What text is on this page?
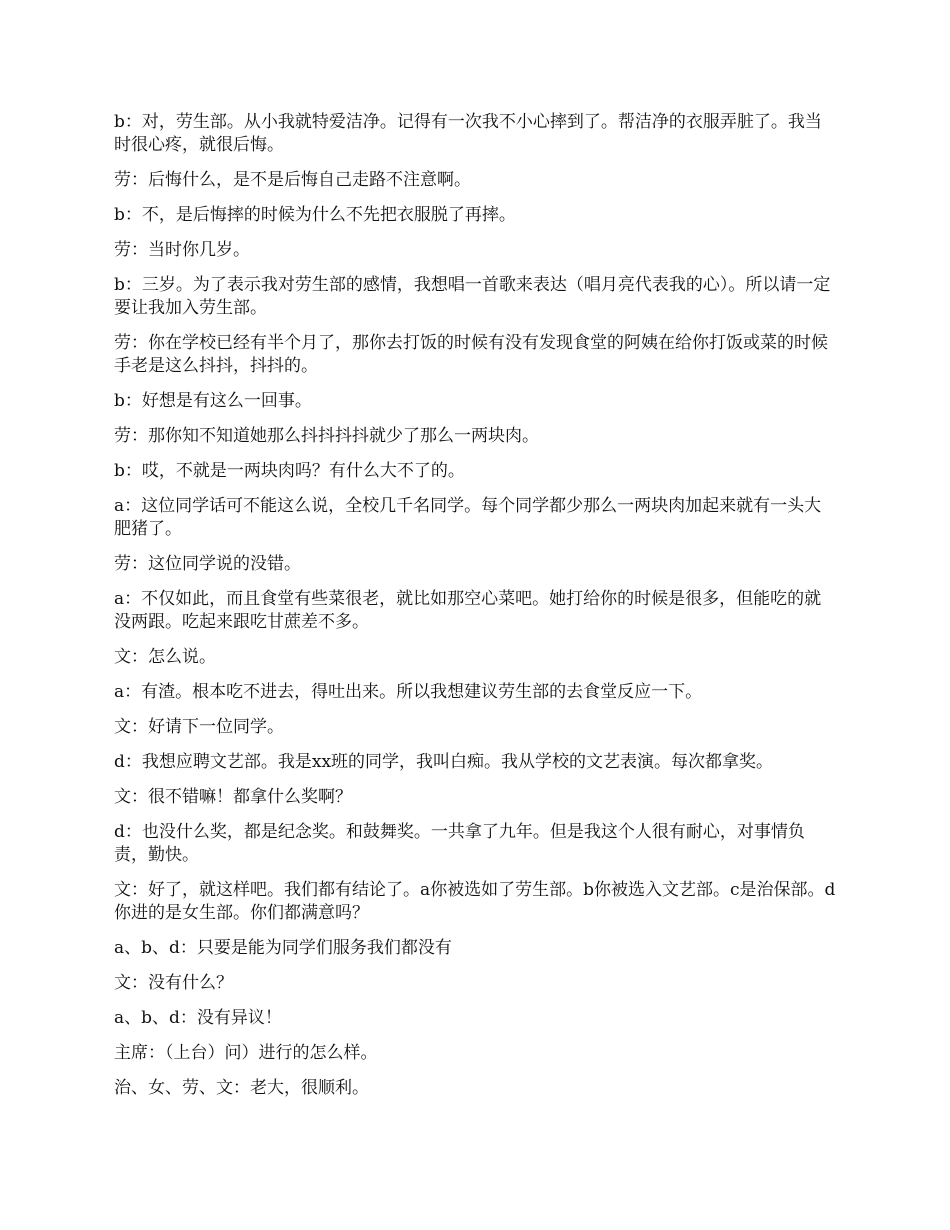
b：对，劳生部。从小我就特爱洁净。记得有一次我不小心摔到了。帮洁净的衣服弄脏了。我当时很心疼，就很后悔。

劳：后悔什么，是不是后悔自己走路不注意啊。

b：不，是后悔摔的时候为什么不先把衣服脱了再摔。

劳：当时你几岁。

b：三岁。为了表示我对劳生部的感情，我想唱一首歌来表达（唱月亮代表我的心）。所以请一定要让我加入劳生部。

劳：你在学校已经有半个月了，那你去打饭的时候有没有发现食堂的阿姨在给你打饭或菜的时候手老是这么抖抖，抖抖的。

b：好想是有这么一回事。

劳：那你知不知道她那么抖抖抖抖就少了那么一两块肉。

b：哎，不就是一两块肉吗？有什么大不了的。

a：这位同学话可不能这么说，全校几千名同学。每个同学都少那么一两块肉加起来就有一头大肥猪了。

劳：这位同学说的没错。

a：不仅如此，而且食堂有些菜很老，就比如那空心菜吧。她打给你的时候是很多，但能吃的就没两跟。吃起来跟吃甘蔗差不多。

文：怎么说。

a：有渣。根本吃不进去，得吐出来。所以我想建议劳生部的去食堂反应一下。

文：好请下一位同学。

d：我想应聘文艺部。我是xx班的同学，我叫白痴。我从学校的文艺表演。每次都拿奖。

文：很不错嘛！都拿什么奖啊？

d：也没什么奖，都是纪念奖。和鼓舞奖。一共拿了九年。但是我这个人很有耐心，对事情负责，勤快。

文：好了，就这样吧。我们都有结论了。a你被选如了劳生部。b你被选入文艺部。c是治保部。d你进的是女生部。你们都满意吗？

a、b、d：只要是能为同学们服务我们都没有

文：没有什么？

a、b、d：没有异议！

主席：（上台）问）进行的怎么样。

治、女、劳、文：老大，很顺利。
